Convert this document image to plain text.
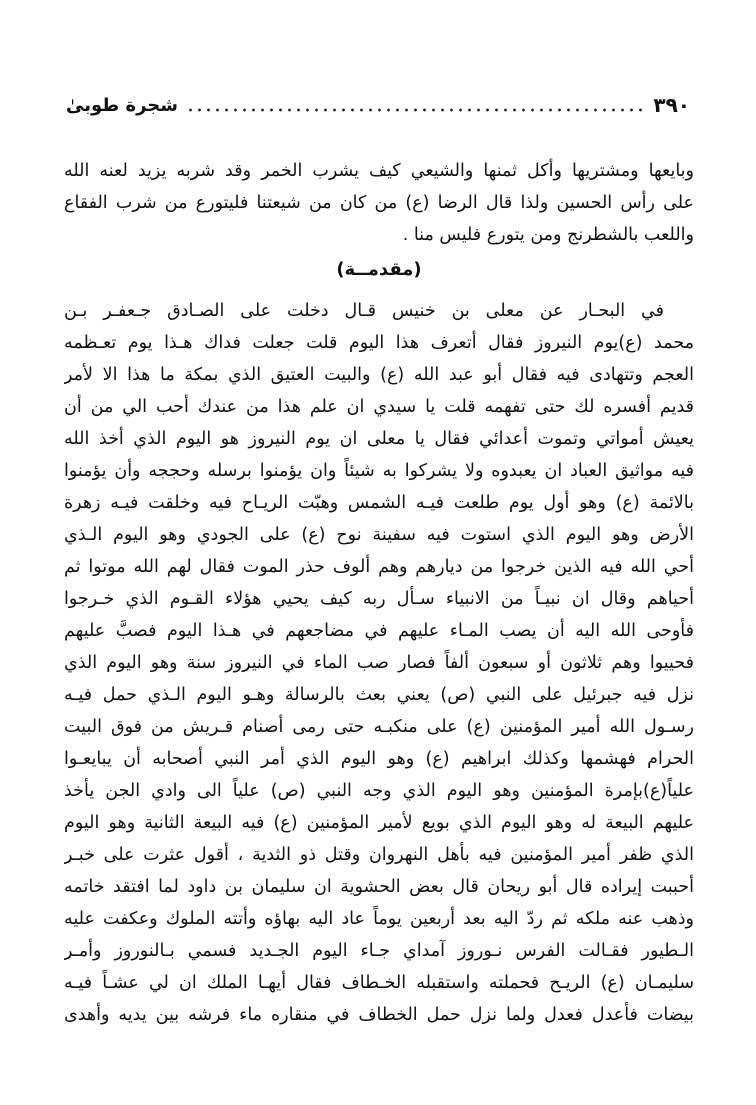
٣٩٠
شجرة طوبىٰ
وبايعها ومشتريها وأكل ثمنها والشيعي كيف يشرب الخمر وقد شربه يزيد لعنه الله
على رأس الحسين ولذا قال الرضا (ع) من كان من شيعتنا فليتورع من شرب الفقاع
واللعب بالشطرنج ومن يتورع فليس منا .
(مقدمــة)
في البحـار عن معلى بن خنيس قـال دخلت على الصـادق جـعفـر بـن
محمد (ع)يوم النيروز فقال أتعرف هذا اليوم قلت جعلت فداك هـذا يوم تعـظمه
العجم وتتهادى فيه فقال أبو عبد الله (ع) والبيت العتيق الذي بمكة ما هذا الا لأمر
قديم أفسره لك حتى تفهمه قلت يا سيدي ان علم هذا من عندك أحب الي من أن
يعيش أمواتي وتموت أعدائي فقال يا معلى ان يوم النيروز هو اليوم الذي أخذ الله
فيه مواثيق العباد ان يعبدوه ولا يشركوا به شيئاً وان يؤمنوا برسله وحججه وأن يؤمنوا
بالائمة (ع) وهو أول يوم طلعت فيـه الشمس وهبّت الريـاح فيه وخلقت فيـه زهرة
الأرض وهو اليوم الذي استوت فيه سفينة نوح (ع) على الجودي وهو اليوم الـذي
أحي الله فيه الذين خرجوا من ديارهم وهم ألوف حذر الموت فقال لهم الله موتوا ثم
أحياهم وقال ان نبيـاً من الانبياء سـأل ربه كيف يحيي هؤلاء القـوم الذي خـرجوا
فأوحى الله اليه أن يصب المـاء عليهم في مضاجعهم في هـذا اليوم فصبَّ عليهم
فحييوا وهم ثلاثون أو سبعون ألفاً فصار صب الماء في النيروز سنة وهو اليوم الذي
نزل فيه جبرئيل على النبي (ص) يعني بعث بالرسالة وهـو اليوم الـذي حمل فيـه
رسـول الله أمير المؤمنين (ع) على منكبـه حتى رمى أصنام قـريش من فوق البيت
الحرام فهشمها وكذلك ابراهيم (ع) وهو اليوم الذي أمر النبي أصحابه أن يبايعـوا
علياً(ع)بإمرة المؤمنين وهو اليوم الذي وجه النبي (ص) علياً الى وادي الجن يأخذ
عليهم البيعة له وهو اليوم الذي بويع لأمير المؤمنين (ع) فيه البيعة الثانية وهو اليوم
الذي ظفر أمير المؤمنين فيه بأهل النهروان وقتل ذو الثدية ، أقول عثرت على خبـر
أحببت إيراده قال أبو ريحان قال بعض الحشوية ان سليمان بن داود لما افتقد خاتمه
وذهب عنه ملكه ثم ردّ اليه بعد أربعين يوماً عاد اليه بهاؤه وأتته الملوك وعكفت عليه
الـطيور فقـالت الفرس نـوروز آمداي جـاء اليوم الجـديد فسمي بـالنوروز وأمـر
سليمـان (ع) الريـح فحملته واستقبله الخـطاف فقال أيهـا الملك ان لي عشـاً فيـه
بيضات فأعدل فعدل ولما نزل حمل الخطاف في منقاره ماء فرشه بين يديه وأهدى
